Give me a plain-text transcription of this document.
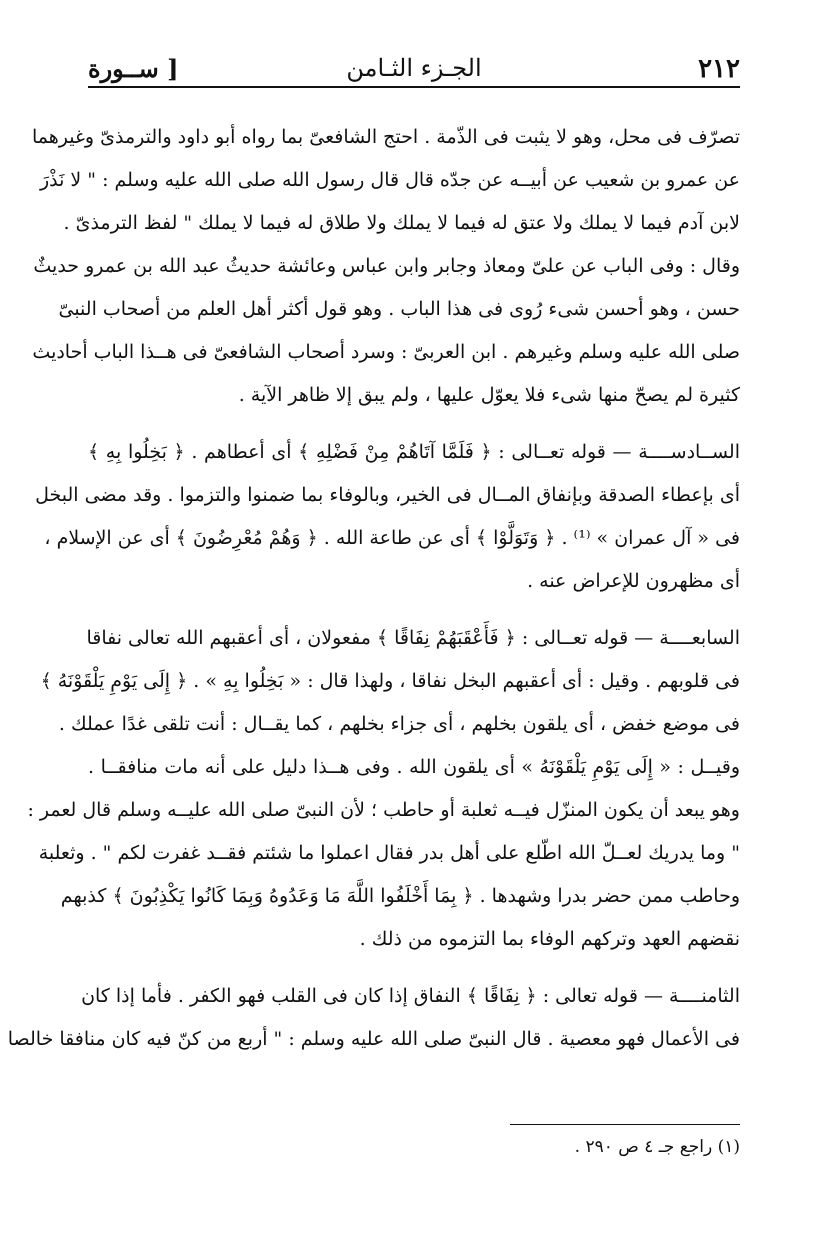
٢١٢
الجـزء الثـامن
[ ســورة
تصرّف فى محل، وهو لا يثبت فى الذّمة . احتج الشافعىّ بما رواه أبو داود والترمذىّ وغيرهما
عن عمرو بن شعيب عن أبيــه عن جدّه قال قال رسول الله صلى الله عليه وسلم : " لا نَذْرَ
لابن آدم فيما لا يملك ولا عتق له فيما لا يملك ولا طلاق له فيما لا يملك " لفظ الترمذىّ .
وقال : وفى الباب عن علىّ ومعاذ وجابر وابن عباس وعائشة حديثُ عبد الله بن عمرو حديثٌ
حسن ، وهو أحسن شىء رُوى فى هذا الباب . وهو قول أكثر أهل العلم من أصحاب النبىّ
صلى الله عليه وسلم وغيرهم . ابن العربىّ : وسرد أصحاب الشافعىّ فى هــذا الباب أحاديث
كثيرة لم يصحّ منها شىء فلا يعوّل عليها ، ولم يبق إلا ظاهر الآية .
الســادســــة — قوله تعــالى : ﴿ فَلَمَّا آتَاهُمْ مِنْ فَضْلِهِ ﴾ أى أعطاهم . ﴿ بَخِلُوا بِهِ ﴾
أى بإعطاء الصدقة وبإنفاق المــال فى الخير، وبالوفاء بما ضمنوا والتزموا . وقد مضى البخل
فى « آل عمران » ⁽¹⁾ . ﴿ وَتَوَلَّوْا ﴾ أى عن طاعة الله . ﴿ وَهُمْ مُعْرِضُونَ ﴾ أى عن الإسلام ،
أى مظهرون للإعراض عنه .
السابعــــة — قوله تعــالى : ﴿ فَأَعْقَبَهُمْ نِفَاقًا ﴾ مفعولان ، أى أعقبهم الله تعالى نفاقا
فى قلوبهم . وقيل : أى أعقبهم البخل نفاقا ، ولهذا قال : « بَخِلُوا بِهِ » . ﴿ إِلَى يَوْمِ يَلْقَوْنَهُ ﴾
فى موضع خفض ، أى يلقون بخلهم ، أى جزاء بخلهم ، كما يقــال : أنت تلقى غدًا عملك .
وقيــل : « إِلَى يَوْمِ يَلْقَوْنَهُ » أى يلقون الله . وفى هــذا دليل على أنه مات منافقــا .
وهو يبعد أن يكون المنزّل فيــه ثعلبة أو حاطب ؛ لأن النبىّ صلى الله عليــه وسلم قال لعمر :
" وما يدريك لعــلّ الله اطّلع على أهل بدر فقال اعملوا ما شئتم فقــد غفرت لكم " . وثعلبة
وحاطب ممن حضر بدرا وشهدها . ﴿ بِمَا أَخْلَفُوا اللَّهَ مَا وَعَدُوهُ وَبِمَا كَانُوا يَكْذِبُونَ ﴾ كذبهم
نقضهم العهد وتركهم الوفاء بما التزموه من ذلك .
الثامنــــة — قوله تعالى : ﴿ نِفَاقًا ﴾ النفاق إذا كان فى القلب فهو الكفر . فأما إذا كان
فى الأعمال فهو معصية . قال النبىّ صلى الله عليه وسلم : " أربع من كنّ فيه كان منافقا خالصا
(١) راجع جـ ٤ ص ٢٩٠ .
